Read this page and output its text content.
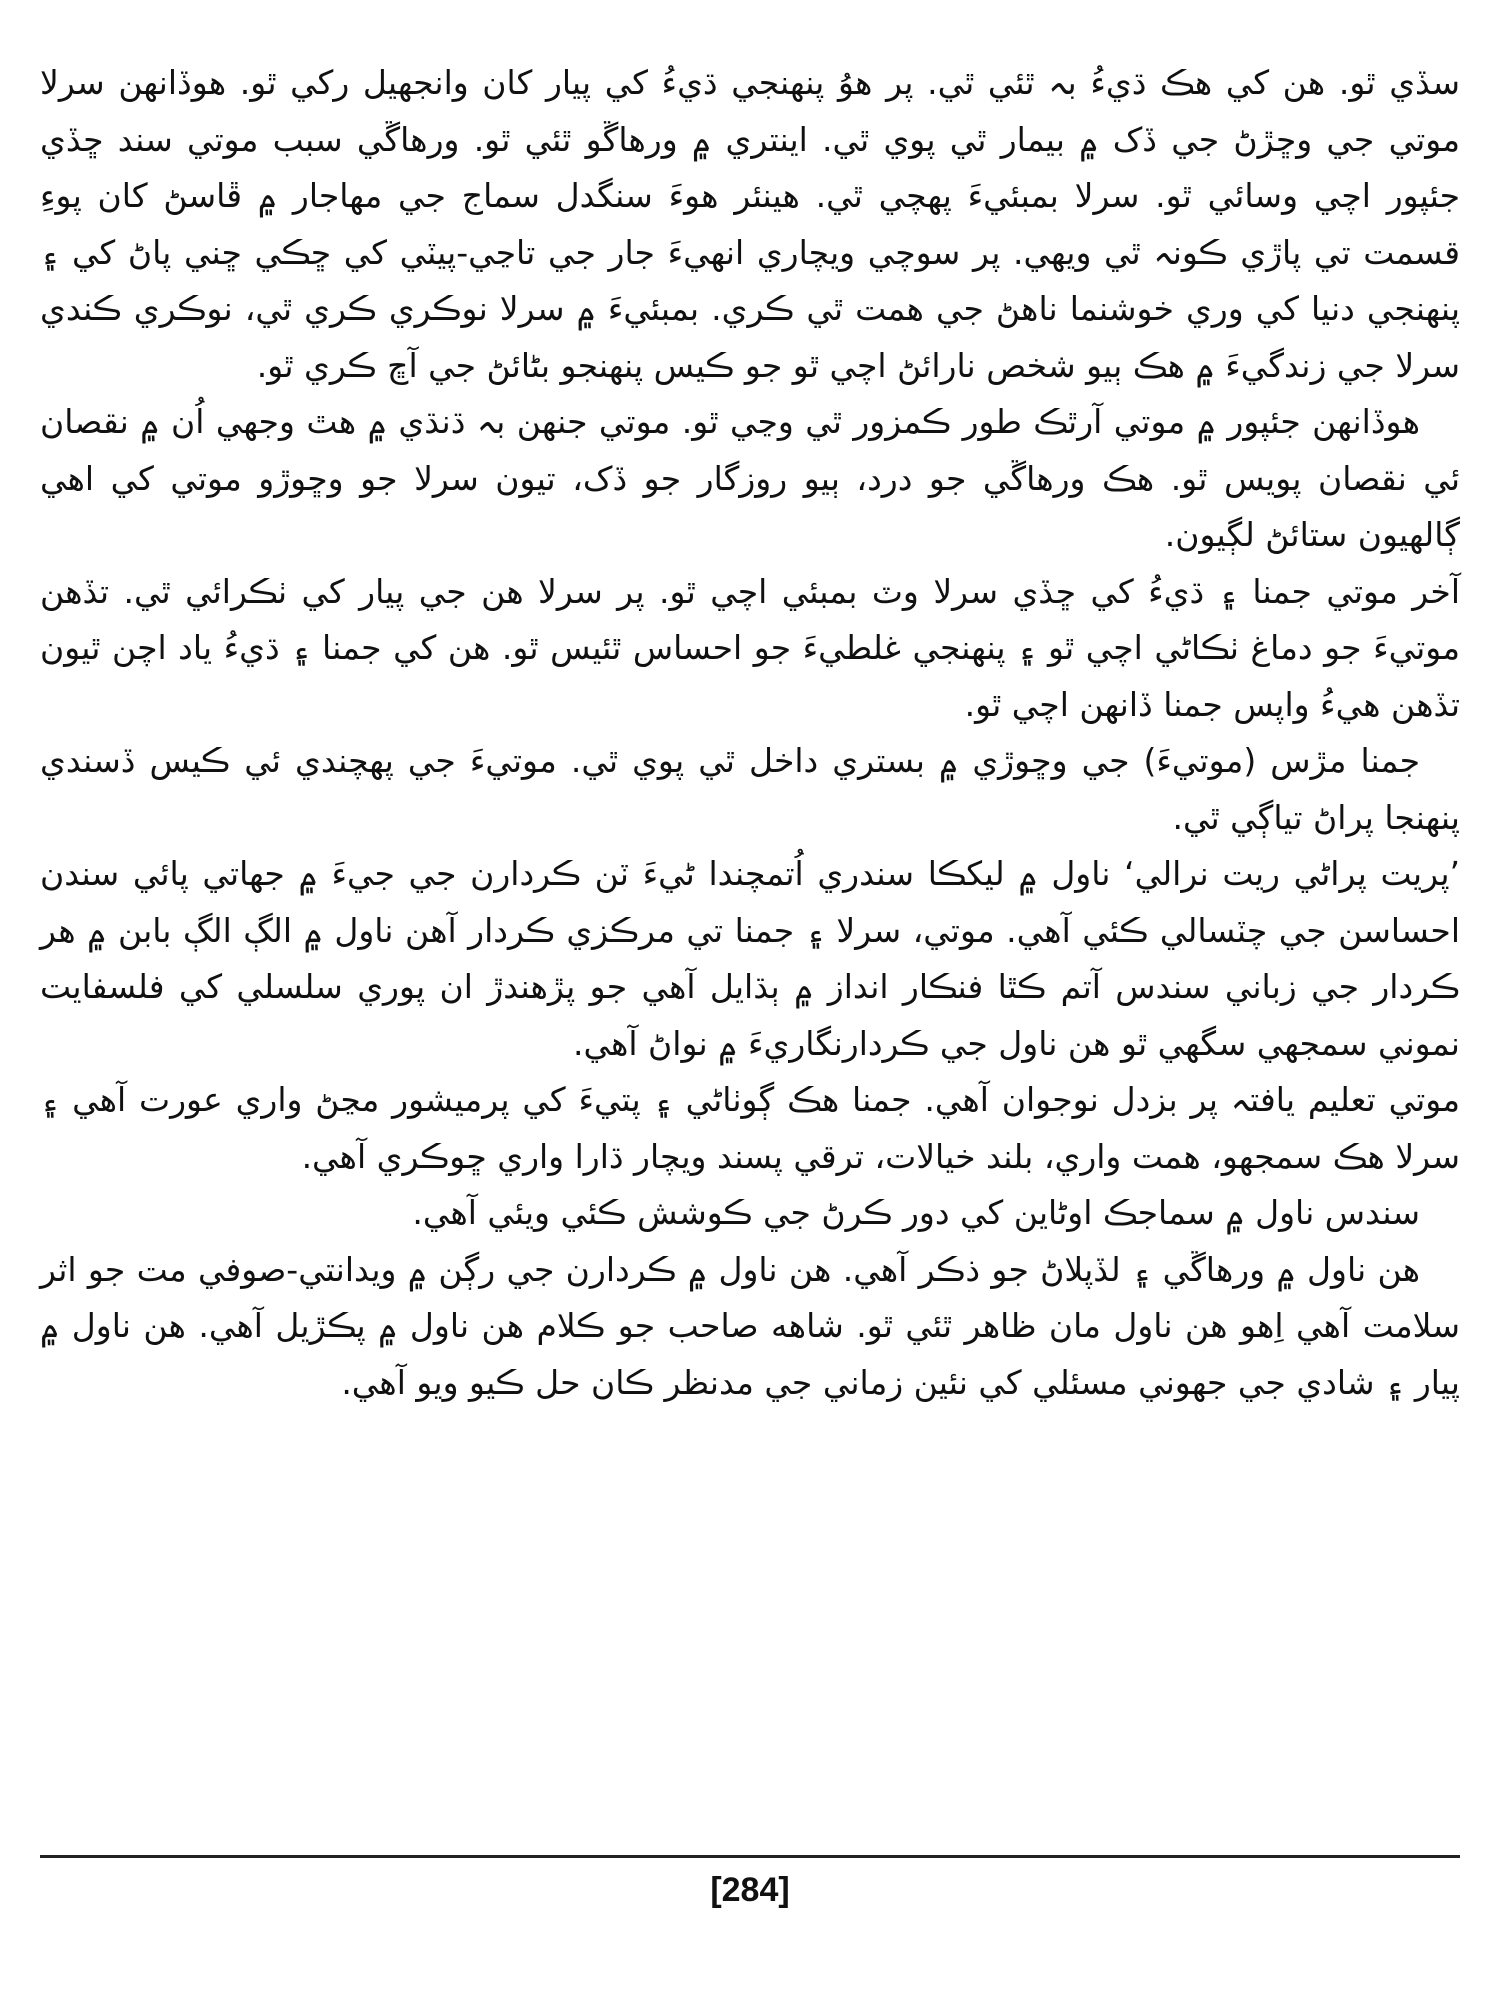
سڏي ٿو. هن کي هڪ ڌيءُ بہ ٿئي ٿي. پر هوُ پنهنجي ڌيءُ کي پيار کان وانجهيل رکي ٿو. هوڏانهن سرلا موتي جي وڇڙڻ جي ڏک ۾ بيمار ٿي پوي ٿي. اينتري ۾ ورهاڱو ٿئي ٿو. ورهاڱي سبب موتي سند ڇڏي جئپور اچي وسائي ٿو. سرلا بمبئيءَ پهچي ٿي. هينئر هوءَ سنگدل سماج جي مهاجار ۾ ڦاسڻ کان پوءِ قسمت تي پاڙي ڪونہ ٿي ويهي. پر سوچي ويچاري انهيءَ جار جي تاڃي-پيٽي کي ڇڪي ڇني پاڻ کي ۽ پنهنجي دنيا کي وري خوشنما ناهڻ جي همت ٿي ڪري. بمبئيءَ ۾ سرلا نوڪري ڪري ٿي، نوڪري ڪندي سرلا جي زندگيءَ ۾ هڪ ٻيو شخص نارائڻ اچي ٿو جو ڪيس پنهنجو بڻائڻ جي آڇ ڪري ٿو.

هوڏانهن جئپور ۾ موتي آرٿڪ طور ڪمزور ٿي وڃي ٿو. موتي جنهن بہ ڌنڌي ۾ هٿ وجهي اُن ۾ نقصان ئي نقصان پويس ٿو. هڪ ورهاڱي جو درد، ٻيو روزگار جو ڏک، تيون سرلا جو وڇوڙو موتي کي اهي ڳالهيون ستائڻ لڳيون.

آخر موتي جمنا ۽ ڌيءُ کي ڇڏي سرلا وٽ بمبئي اچي ٿو. پر سرلا هن جي پيار کي ٺڪرائي ٿي. تڏهن موتيءَ جو دماغ ٺڪاڻي اچي ٿو ۽ پنهنجي غلطيءَ جو احساس ٿئيس ٿو. هن کي جمنا ۽ ڌيءُ ياد اچن ٿيون تڏهن هيءُ واپس جمنا ڏانهن اچي ٿو.

جمنا مڙس (موتيءَ) جي وڇوڙي ۾ بستري داخل ٿي پوي ٿي. موتيءَ جي پهچندي ئي ڪيس ڏسندي پنهنجا پراڻ تياڳي ٿي.

’پريت پراڻي ريت نرالي‘ ناول ۾ ليکڪا سندري اُتمچندا ڻيءَ ٽن ڪردارن جي جيءَ ۾ جهاتي پائي سندن احساسن جي چٽسالي ڪئي آهي. موتي، سرلا ۽ جمنا تي مرڪزي ڪردار آهن ناول ۾ الڳ الڳ بابن ۾ هر ڪردار جي زباني سندس آتم ڪٿا فنڪار انداز ۾ ٻڌايل آهي جو پڙهندڙ ان پوري سلسلي کي فلسفايت نموني سمجهي سگهي ٿو هن ناول جي ڪردارنگاريءَ ۾ نواڻ آهي.

موتي تعليم يافتہ پر بزدل نوجوان آهي. جمنا هڪ ڳوٺاڻي ۽ پتيءَ کي پرميشور مڃڻ واري عورت آهي ۽ سرلا هڪ سمجهو، همت واري، بلند خيالات، ترقي پسند ويچار ڌارا واري ڇوڪري آهي.

سندس ناول ۾ سماجڪ اوڻاين کي دور ڪرڻ جي ڪوشش ڪئي ويئي آهي.

هن ناول ۾ ورهاڱي ۽ لڏپلاڻ جو ذڪر آهي. هن ناول ۾ ڪردارن جي رڳن ۾ ويدانتي-صوفي مت جو اثر سلامت آهي اِهو هن ناول مان ظاهر ٿئي ٿو. شاهه صاحب جو ڪلام هن ناول ۾ پڪڙيل آهي. هن ناول ۾ پيار ۽ شادي جي جهوني مسئلي کي نئين زماني جي مدنظر ڪان حل ڪيو ويو آهي.

[284]
